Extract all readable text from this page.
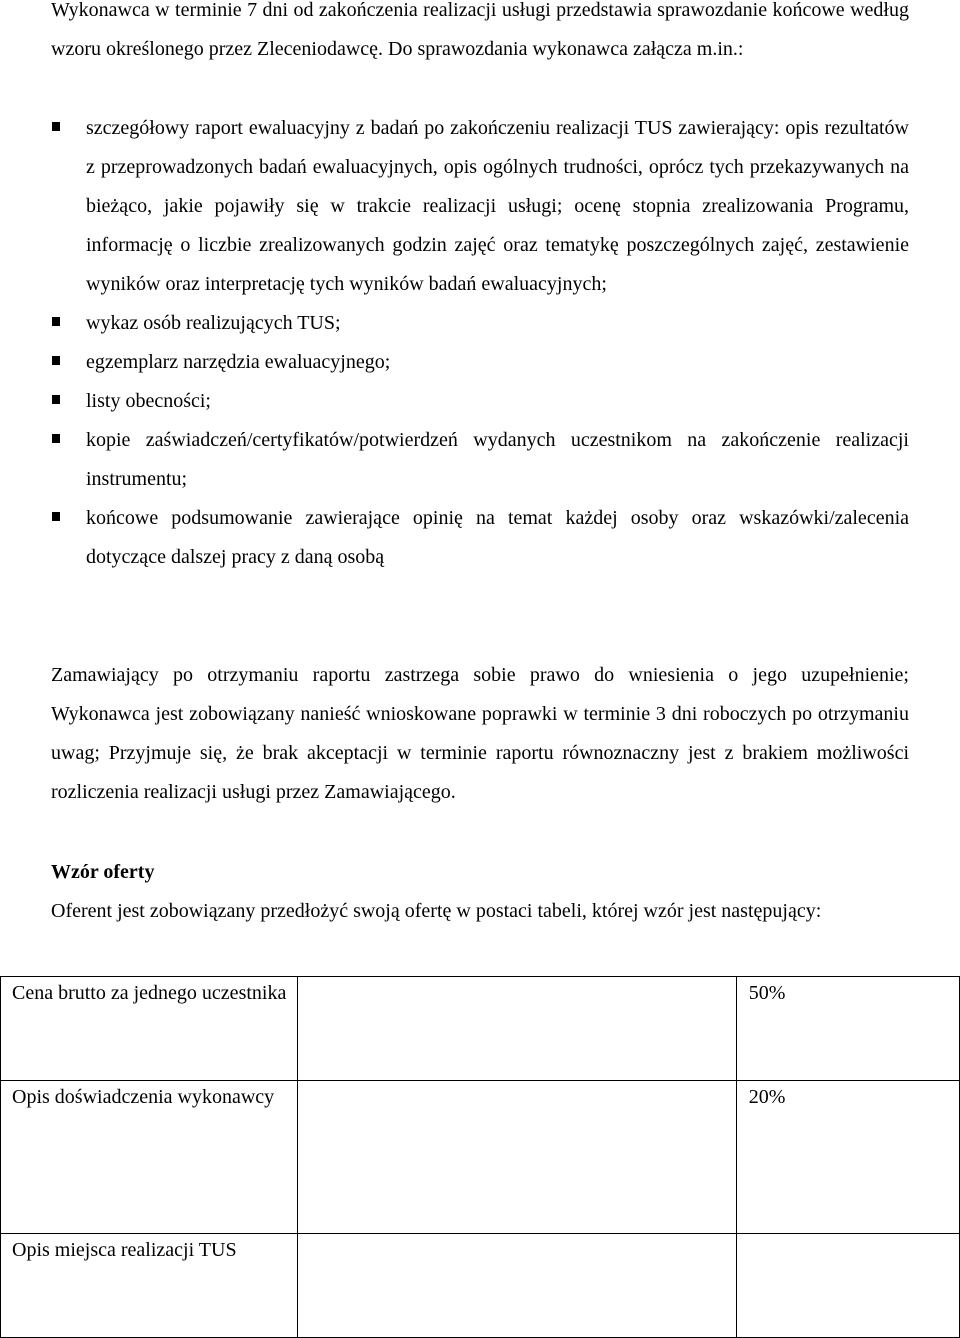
Wykonawca w terminie 7 dni od zakończenia realizacji usługi przedstawia sprawozdanie końcowe według wzoru określonego przez Zleceniodawcę. Do sprawozdania wykonawca załącza m.in.:

szczegółowy raport ewaluacyjny z badań po zakończeniu realizacji TUS zawierający: opis rezultatów z przeprowadzonych badań ewaluacyjnych, opis ogólnych trudności, oprócz tych przekazywanych na bieżąco, jakie pojawiły się w trakcie realizacji usługi; ocenę stopnia zrealizowania Programu, informację o liczbie zrealizowanych godzin zajęć oraz tematykę poszczególnych zajęć, zestawienie wyników oraz interpretację tych wyników badań ewaluacyjnych;
wykaz osób realizujących TUS;
egzemplarz narzędzia ewaluacyjnego;
listy obecności;
kopie zaświadczeń/certyfikatów/potwierdzeń wydanych uczestnikom na zakończenie realizacji instrumentu;
końcowe podsumowanie zawierające opinię na temat każdej osoby oraz wskazówki/zalecenia dotyczące dalszej pracy z daną osobą

Zamawiający po otrzymaniu raportu zastrzega sobie prawo do wniesienia o jego uzupełnienie; Wykonawca jest zobowiązany nanieść wnioskowane poprawki w terminie 3 dni roboczych po otrzymaniu uwag; Przyjmuje się, że brak akceptacji w terminie raportu równoznaczny jest z brakiem możliwości rozliczenia realizacji usługi przez Zamawiającego.

Wzór oferty

Oferent jest zobowiązany przedłożyć swoją ofertę w postaci tabeli, której wzór jest następujący:

Cena brutto za jednego uczestnika		50%

Opis doświadczenia wykonawcy		20%

Opis miejsca realizacji TUS		
